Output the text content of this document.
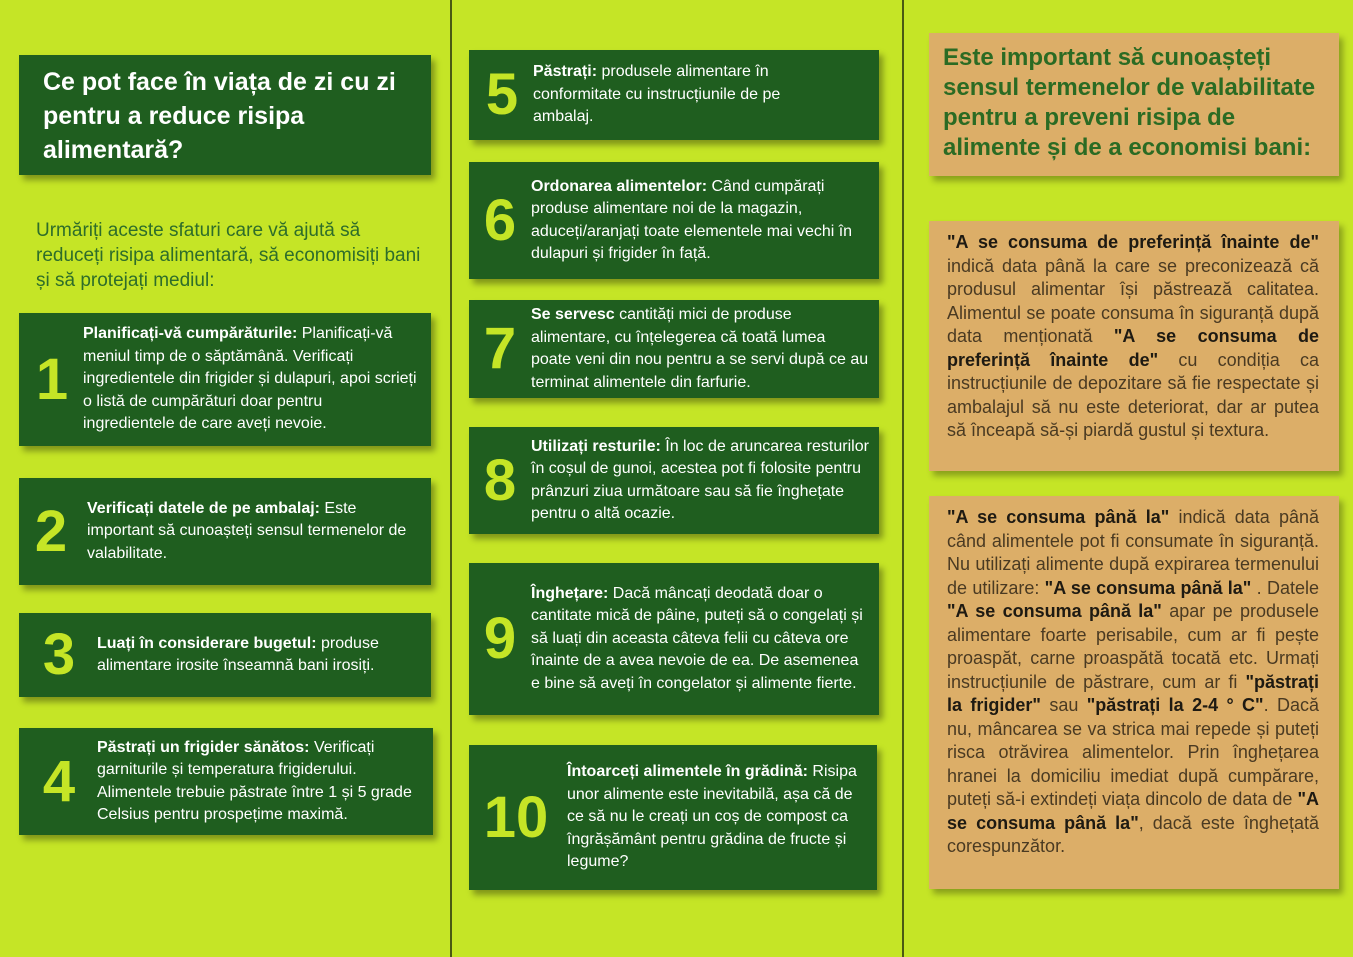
Ce pot face în viața de zi cu zi pentru a reduce risipa alimentară?
Urmăriți aceste sfaturi care vă ajută să reduceți risipa alimentară, să economisiți bani și să protejați mediul:
1
Planificați-vă cumpărăturile: Planificați-vă meniul timp de o săptămână. Verificați ingredientele din frigider și dulapuri, apoi scrieți o listă de cumpărături doar pentru ingredientele de care aveți nevoie.
2 Verificați datele de pe ambalaj: Este important să cunoașteți sensul termenelor de valabilitate.
3 Luați în considerare bugetul: produse alimentare irosite înseamnă bani irosiți.
4
Păstrați un frigider sănătos: Verificați garniturile și temperatura frigiderului. Alimentele trebuie păstrate între 1 și 5 grade Celsius pentru prospețime maximă.
5 Păstrați: produsele alimentare în conformitate cu instrucțiunile de pe ambalaj.
6
Ordonarea alimentelor: Când cumpărați produse alimentare noi de la magazin, aduceți/aranjați toate elementele mai vechi în dulapuri și frigider în față.
7
Se servesc cantități mici de produse alimentare, cu înțelegerea că toată lumea poate veni din nou pentru a se servi după ce au terminat alimentele din farfurie.
8
Utilizați resturile: În loc de aruncarea resturilor în coșul de gunoi, acestea pot fi folosite pentru prânzuri ziua următoare sau să fie înghețate pentru o altă ocazie.
9
Înghețare: Dacă mâncați deodată doar o cantitate mică de pâine, puteți să o congelați și să luați din aceasta câteva felii cu câteva ore înainte de a avea nevoie de ea. De asemenea e bine să aveți în congelator și alimente fierte.
10
Întoarceți alimentele în grădină: Risipa unor alimente este inevitabilă, așa că de ce să nu le creați un coș de compost ca îngrășământ pentru grădina de fructe și legume?
Este important să cunoașteți sensul termenelor de valabilitate pentru a preveni risipa de alimente și de a economisi bani:
"A se consuma de preferință înainte de" indică data până la care se preconizează că produsul alimentar își păstrează calitatea. Alimentul se poate consuma în siguranță după data menționată "A se consuma de preferință înainte de" cu condiția ca instrucțiunile de depozitare să fie respectate și ambalajul să nu este deteriorat, dar ar putea să înceapă să-și piardă gustul și textura.
"A se consuma până la" indică data până când alimentele pot fi consumate în siguranță. Nu utilizați alimente după expirarea termenului de utilizare: "A se consuma până la" . Datele "A se consuma până la" apar pe produsele alimentare foarte perisabile, cum ar fi pește proaspăt, carne proaspătă tocată etc. Urmați instrucțiunile de păstrare, cum ar fi "păstrați la frigider" sau "păstrați la 2-4 ° C". Dacă nu, mâncarea se va strica mai repede și puteți risca otrăvirea alimentelor. Prin înghețarea hranei la domiciliu imediat după cumpărare, puteți să-i extindeți viața dincolo de data de "A se consuma până la", dacă este înghețată corespunzător.
